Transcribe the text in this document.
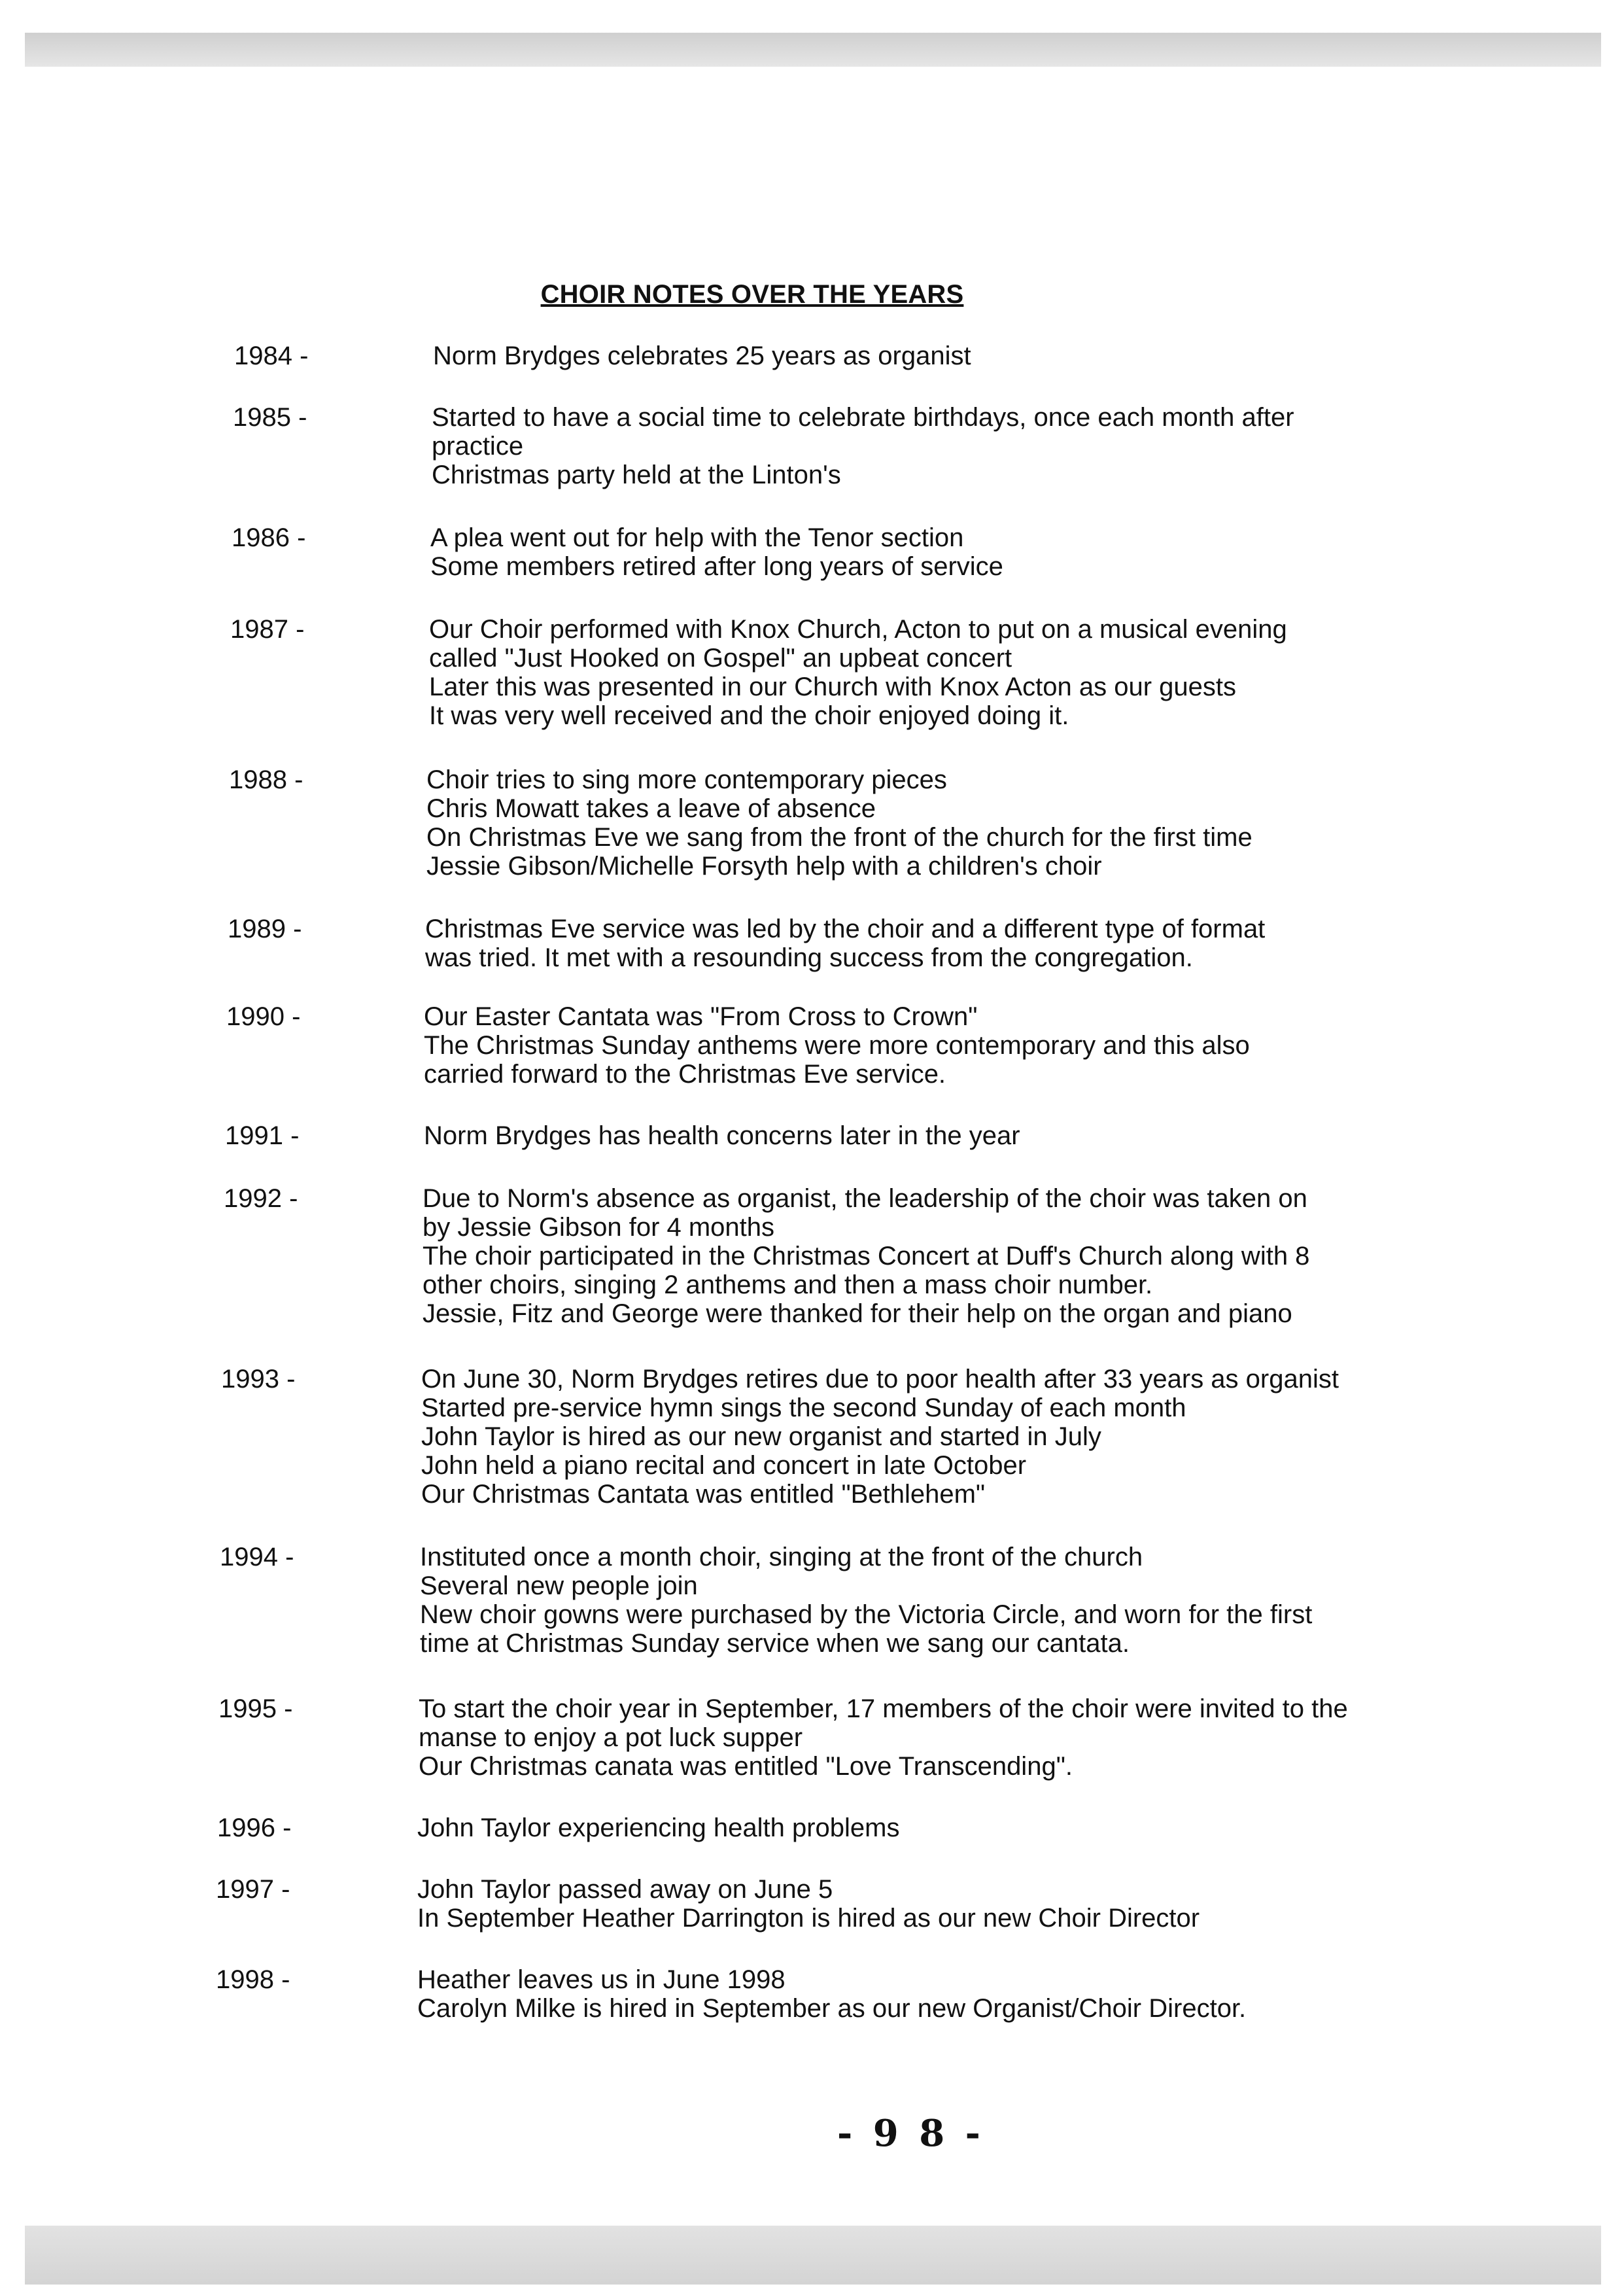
CHOIR NOTES OVER THE YEARS
1984 -	Norm Brydges celebrates 25 years as organist
1985 -	Started to have a social time to celebrate birthdays, once each month after
practice
Christmas party held at the Linton's
1986 -	A plea went out for help with the Tenor section
Some members retired after long years of service
1987 -	Our Choir performed with Knox Church, Acton to put on a musical evening
called "Just Hooked on Gospel" an upbeat concert
Later this was presented in our Church with Knox Acton as our guests
It was very well received and the choir enjoyed doing it.
1988 -	Choir tries to sing more contemporary pieces
Chris Mowatt takes a leave of absence
On Christmas Eve we sang from the front of the church for the first time
Jessie Gibson/Michelle Forsyth help with a children's choir
1989 -	Christmas Eve service was led by the choir and a different type of format
was tried. It met with a resounding success from the congregation.
1990 -	Our Easter Cantata was "From Cross to Crown"
The Christmas Sunday anthems were more contemporary and this also
carried forward to the Christmas Eve service.
1991 -	Norm Brydges has health concerns later in the year
1992 -	Due to Norm's absence as organist, the leadership of the choir was taken on
by Jessie Gibson for 4 months
The choir participated in the Christmas Concert at Duff's Church along with 8
other choirs, singing 2 anthems and then a mass choir number.
Jessie, Fitz and George were thanked for their help on the organ and piano
1993 -	On June 30, Norm Brydges retires due to poor health after 33 years as organist
Started pre-service hymn sings the second Sunday of each month
John Taylor is hired as our new organist and started in July
John held a piano recital and concert in late October
Our Christmas Cantata was entitled "Bethlehem"
1994 -	Instituted once a month choir, singing at the front of the church
Several new people join
New choir gowns were purchased by the Victoria Circle, and worn for the first
time at Christmas Sunday service when we sang our cantata.
1995 -	To start the choir year in September, 17 members of the choir were invited to the
manse to enjoy a pot luck supper
Our Christmas canata was entitled "Love Transcending".
1996 -	John Taylor experiencing health problems
1997 -	John Taylor passed away on June 5
In September Heather Darrington is hired as our new Choir Director
1998 -	Heather leaves us in June 1998
Carolyn Milke is hired in September as our new Organist/Choir Director.
- 9 8 -
